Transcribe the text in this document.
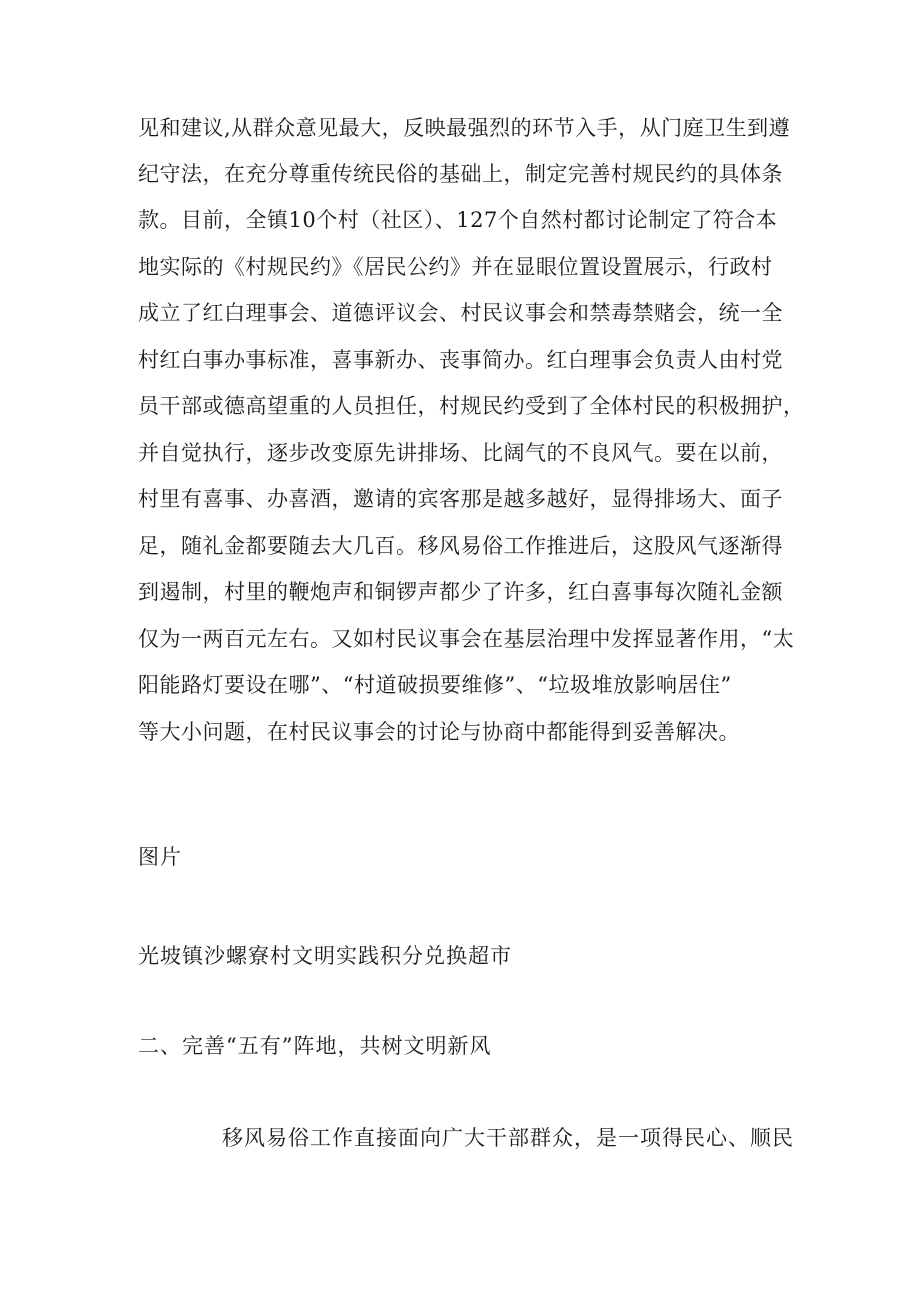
见和建议,从群众意见最大，反映最强烈的环节入手，从门庭卫生到遵
纪守法，在充分尊重传统民俗的基础上，制定完善村规民约的具体条
款。目前，全镇10个村（社区）、127个自然村都讨论制定了符合本
地实际的《村规民约》《居民公约》并在显眼位置设置展示，行政村
成立了红白理事会、道德评议会、村民议事会和禁毒禁赌会，统一全
村红白事办事标准，喜事新办、丧事简办。红白理事会负责人由村党
员干部或德高望重的人员担任，村规民约受到了全体村民的积极拥护，
并自觉执行，逐步改变原先讲排场、比阔气的不良风气。要在以前，
村里有喜事、办喜酒，邀请的宾客那是越多越好，显得排场大、面子
足，随礼金都要随去大几百。移风易俗工作推进后，这股风气逐渐得
到遏制，村里的鞭炮声和铜锣声都少了许多，红白喜事每次随礼金额
仅为一两百元左右。又如村民议事会在基层治理中发挥显著作用，“太
阳能路灯要设在哪”、“村道破损要维修”、“垃圾堆放影响居住”
等大小问题，在村民议事会的讨论与协商中都能得到妥善解决。
图片
光坡镇沙螺寮村文明实践积分兑换超市
二、完善“五有”阵地，共树文明新风
移风易俗工作直接面向广大干部群众，是一项得民心、顺民
